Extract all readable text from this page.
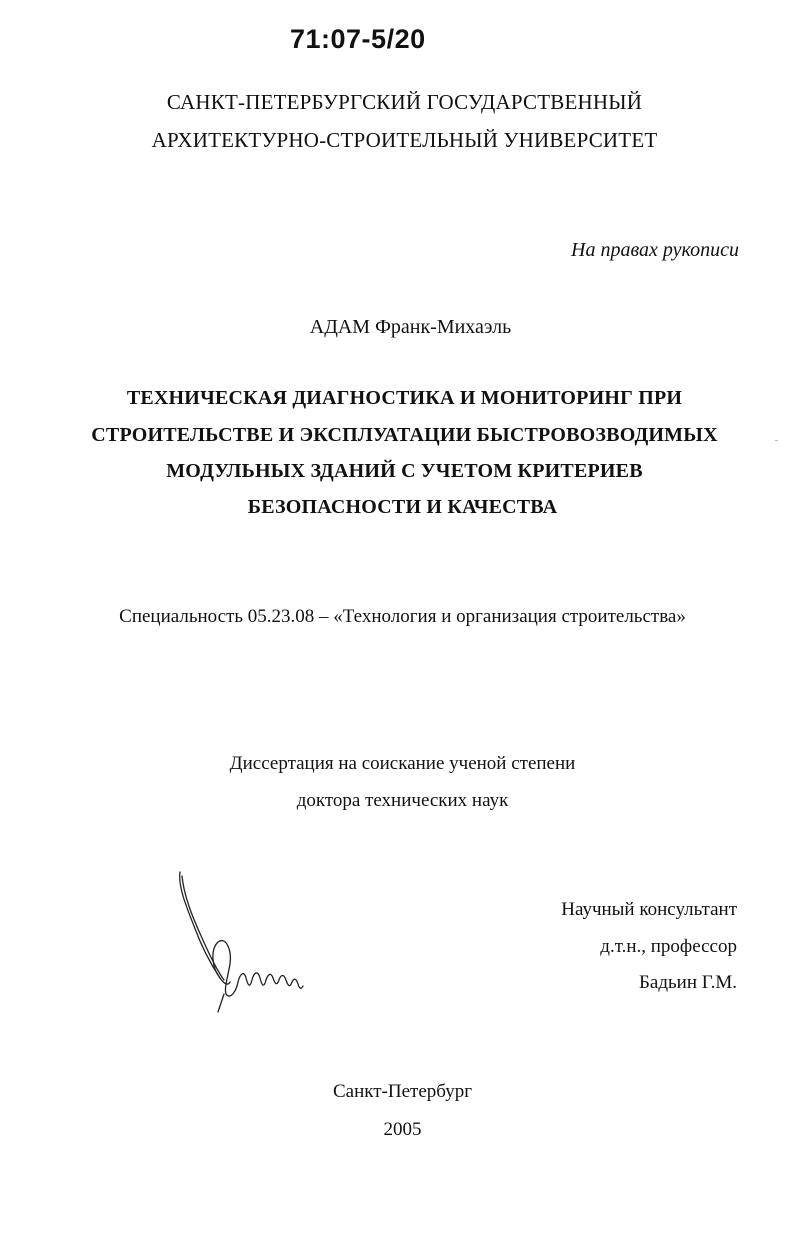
71:07-5/20
САНКТ-ПЕТЕРБУРГСКИЙ ГОСУДАРСТВЕННЫЙ
АРХИТЕКТУРНО-СТРОИТЕЛЬНЫЙ УНИВЕРСИТЕТ
На правах рукописи
АДАМ Франк-Михаэль
ТЕХНИЧЕСКАЯ ДИАГНОСТИКА И МОНИТОРИНГ ПРИ
СТРОИТЕЛЬСТВЕ И ЭКСПЛУАТАЦИИ БЫСТРОВОЗВОДИМЫХ
МОДУЛЬНЫХ ЗДАНИЙ С УЧЕТОМ КРИТЕРИЕВ
БЕЗОПАСНОСТИ И КАЧЕСТВА
Специальность 05.23.08 – «Технология и организация строительства»
Диссертация на соискание ученой степени
доктора технических наук
Научный консультант
д.т.н., профессор
Бадьин Г.М.
Санкт-Петербург
2005
